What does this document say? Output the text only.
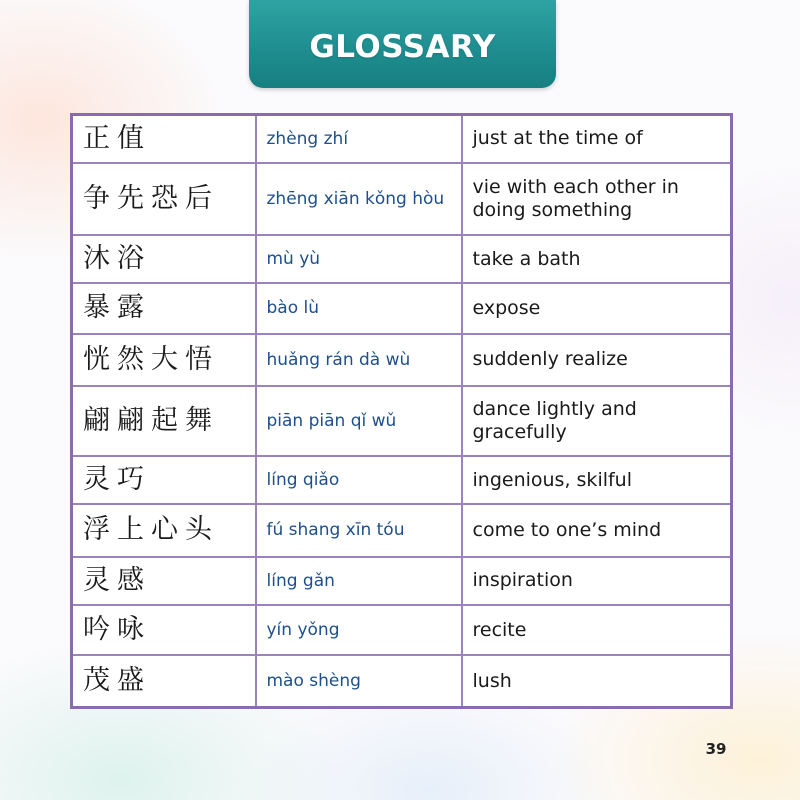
GLOSSARY
正值	zhèng zhí	just at the time of
争先恐后	zhēng xiān kǒng hòu	vie with each other in doing something
沐浴	mù yù	take a bath
暴露	bào lù	expose
恍然大悟	huǎng rán dà wù	suddenly realize
翩翩起舞	piān piān qǐ wǔ	dance lightly and gracefully
灵巧	líng qiǎo	ingenious, skilful
浮上心头	fú shang xīn tóu	come to one’s mind
灵感	líng gǎn	inspiration
吟咏	yín yǒng	recite
茂盛	mào shèng	lush
39
